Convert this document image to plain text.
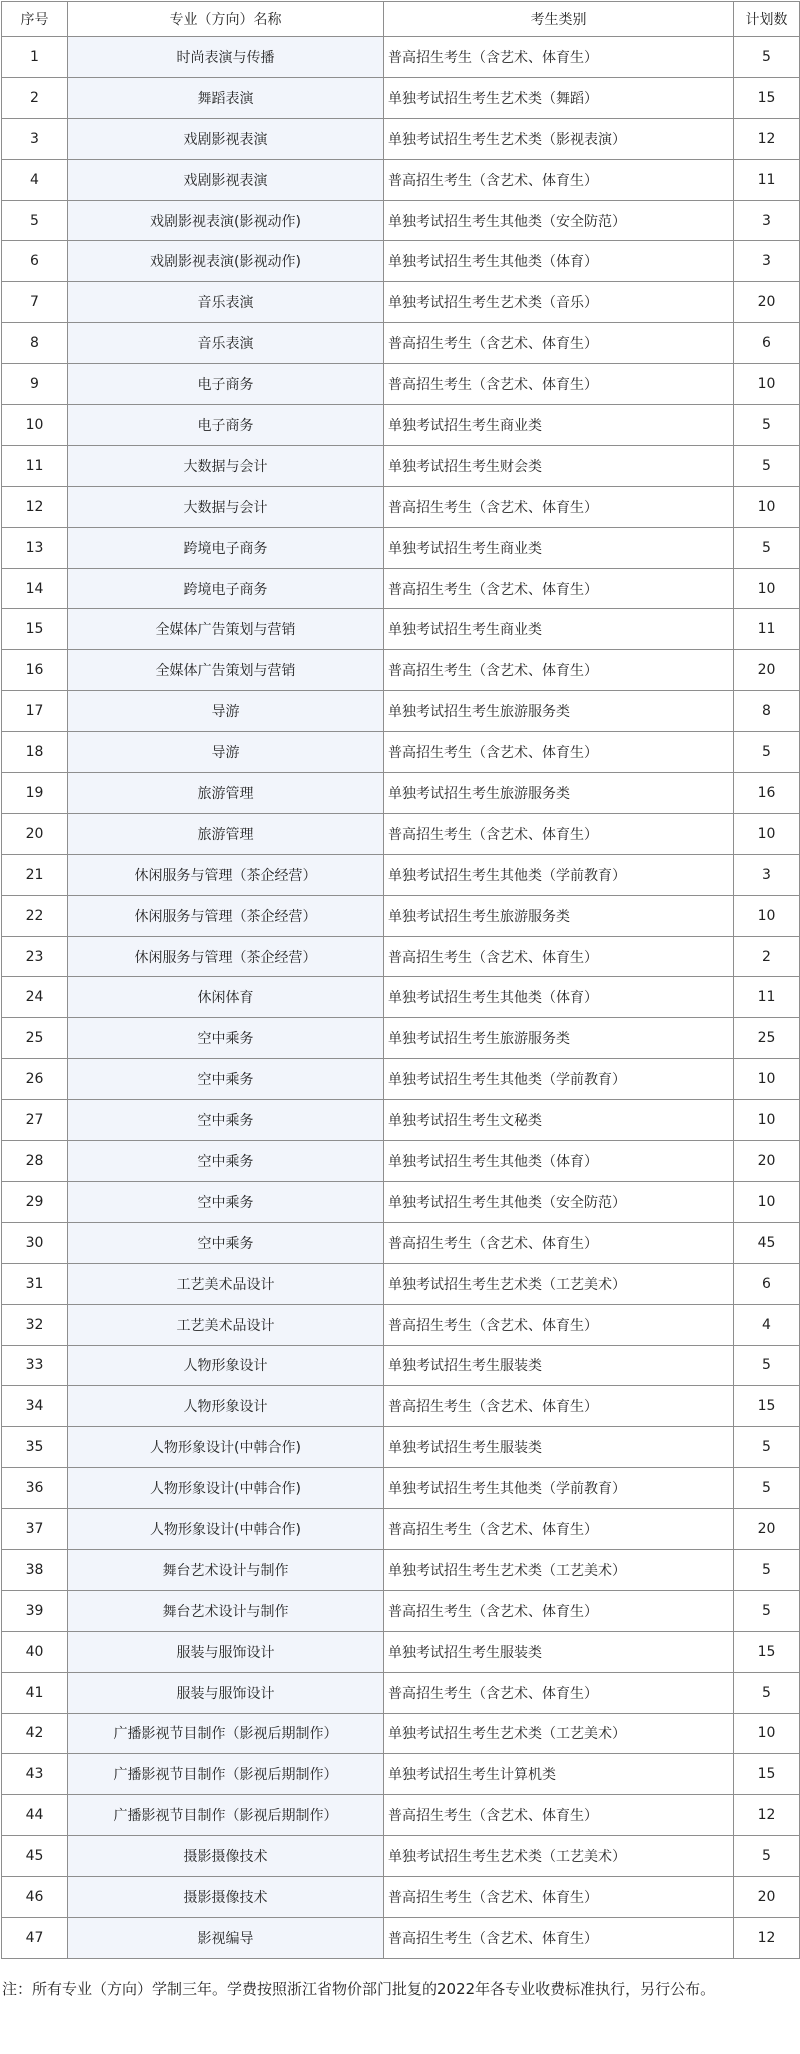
序号	专业（方向）名称	考生类别	计划数
1	时尚表演与传播	普高招生考生（含艺术、体育生）	5
2	舞蹈表演	单独考试招生考生艺术类（舞蹈）	15
3	戏剧影视表演	单独考试招生考生艺术类（影视表演）	12
4	戏剧影视表演	普高招生考生（含艺术、体育生）	11
5	戏剧影视表演(影视动作)	单独考试招生考生其他类（安全防范）	3
6	戏剧影视表演(影视动作)	单独考试招生考生其他类（体育）	3
7	音乐表演	单独考试招生考生艺术类（音乐）	20
8	音乐表演	普高招生考生（含艺术、体育生）	6
9	电子商务	普高招生考生（含艺术、体育生）	10
10	电子商务	单独考试招生考生商业类	5
11	大数据与会计	单独考试招生考生财会类	5
12	大数据与会计	普高招生考生（含艺术、体育生）	10
13	跨境电子商务	单独考试招生考生商业类	5
14	跨境电子商务	普高招生考生（含艺术、体育生）	10
15	全媒体广告策划与营销	单独考试招生考生商业类	11
16	全媒体广告策划与营销	普高招生考生（含艺术、体育生）	20
17	导游	单独考试招生考生旅游服务类	8
18	导游	普高招生考生（含艺术、体育生）	5
19	旅游管理	单独考试招生考生旅游服务类	16
20	旅游管理	普高招生考生（含艺术、体育生）	10
21	休闲服务与管理（茶企经营）	单独考试招生考生其他类（学前教育）	3
22	休闲服务与管理（茶企经营）	单独考试招生考生旅游服务类	10
23	休闲服务与管理（茶企经营）	普高招生考生（含艺术、体育生）	2
24	休闲体育	单独考试招生考生其他类（体育）	11
25	空中乘务	单独考试招生考生旅游服务类	25
26	空中乘务	单独考试招生考生其他类（学前教育）	10
27	空中乘务	单独考试招生考生文秘类	10
28	空中乘务	单独考试招生考生其他类（体育）	20
29	空中乘务	单独考试招生考生其他类（安全防范）	10
30	空中乘务	普高招生考生（含艺术、体育生）	45
31	工艺美术品设计	单独考试招生考生艺术类（工艺美术）	6
32	工艺美术品设计	普高招生考生（含艺术、体育生）	4
33	人物形象设计	单独考试招生考生服装类	5
34	人物形象设计	普高招生考生（含艺术、体育生）	15
35	人物形象设计(中韩合作)	单独考试招生考生服装类	5
36	人物形象设计(中韩合作)	单独考试招生考生其他类（学前教育）	5
37	人物形象设计(中韩合作)	普高招生考生（含艺术、体育生）	20
38	舞台艺术设计与制作	单独考试招生考生艺术类（工艺美术）	5
39	舞台艺术设计与制作	普高招生考生（含艺术、体育生）	5
40	服装与服饰设计	单独考试招生考生服装类	15
41	服装与服饰设计	普高招生考生（含艺术、体育生）	5
42	广播影视节目制作（影视后期制作）	单独考试招生考生艺术类（工艺美术）	10
43	广播影视节目制作（影视后期制作）	单独考试招生考生计算机类	15
44	广播影视节目制作（影视后期制作）	普高招生考生（含艺术、体育生）	12
45	摄影摄像技术	单独考试招生考生艺术类（工艺美术）	5
46	摄影摄像技术	普高招生考生（含艺术、体育生）	20
47	影视编导	普高招生考生（含艺术、体育生）	12
注：所有专业（方向）学制三年。学费按照浙江省物价部门批复的2022年各专业收费标准执行，另行公布。
